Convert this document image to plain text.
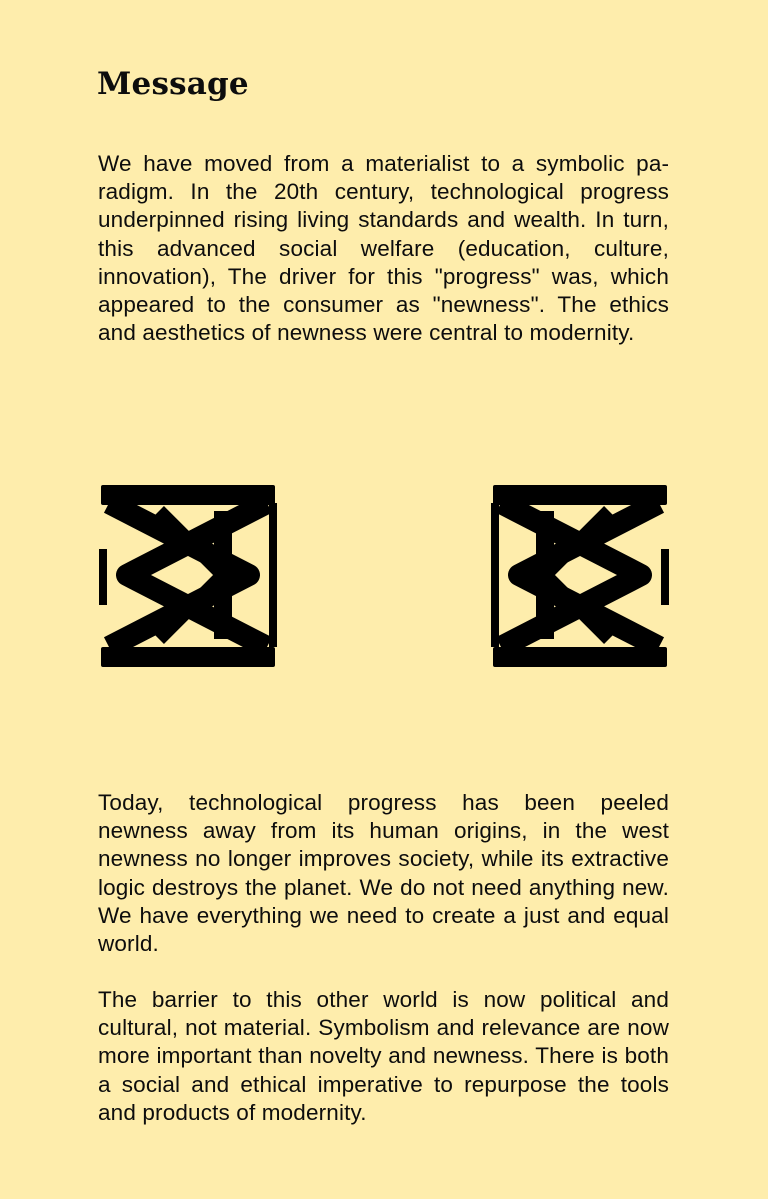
Message

We have moved from a materialist to a symbolic paradigm. In the 20th century, technological progress underpinned rising living standards and wealth. In turn, this advanced social welfare (education, culture, innovation), The driver for this "progress" was, which appeared to the consumer as "newness". The ethics and aesthetics of newness were central to modernity.

Today, technological progress has been peeled newness away from its human origins, in the west newness no longer improves society, while its extractive logic destroys the planet. We do not need anything new. We have everything we need to create a just and equal world.

The barrier to this other world is now political and cultural, not material. Symbolism and relevance are now more important than novelty and newness. There is both a social and ethical imperative to repurpose the tools and products of modernity.
